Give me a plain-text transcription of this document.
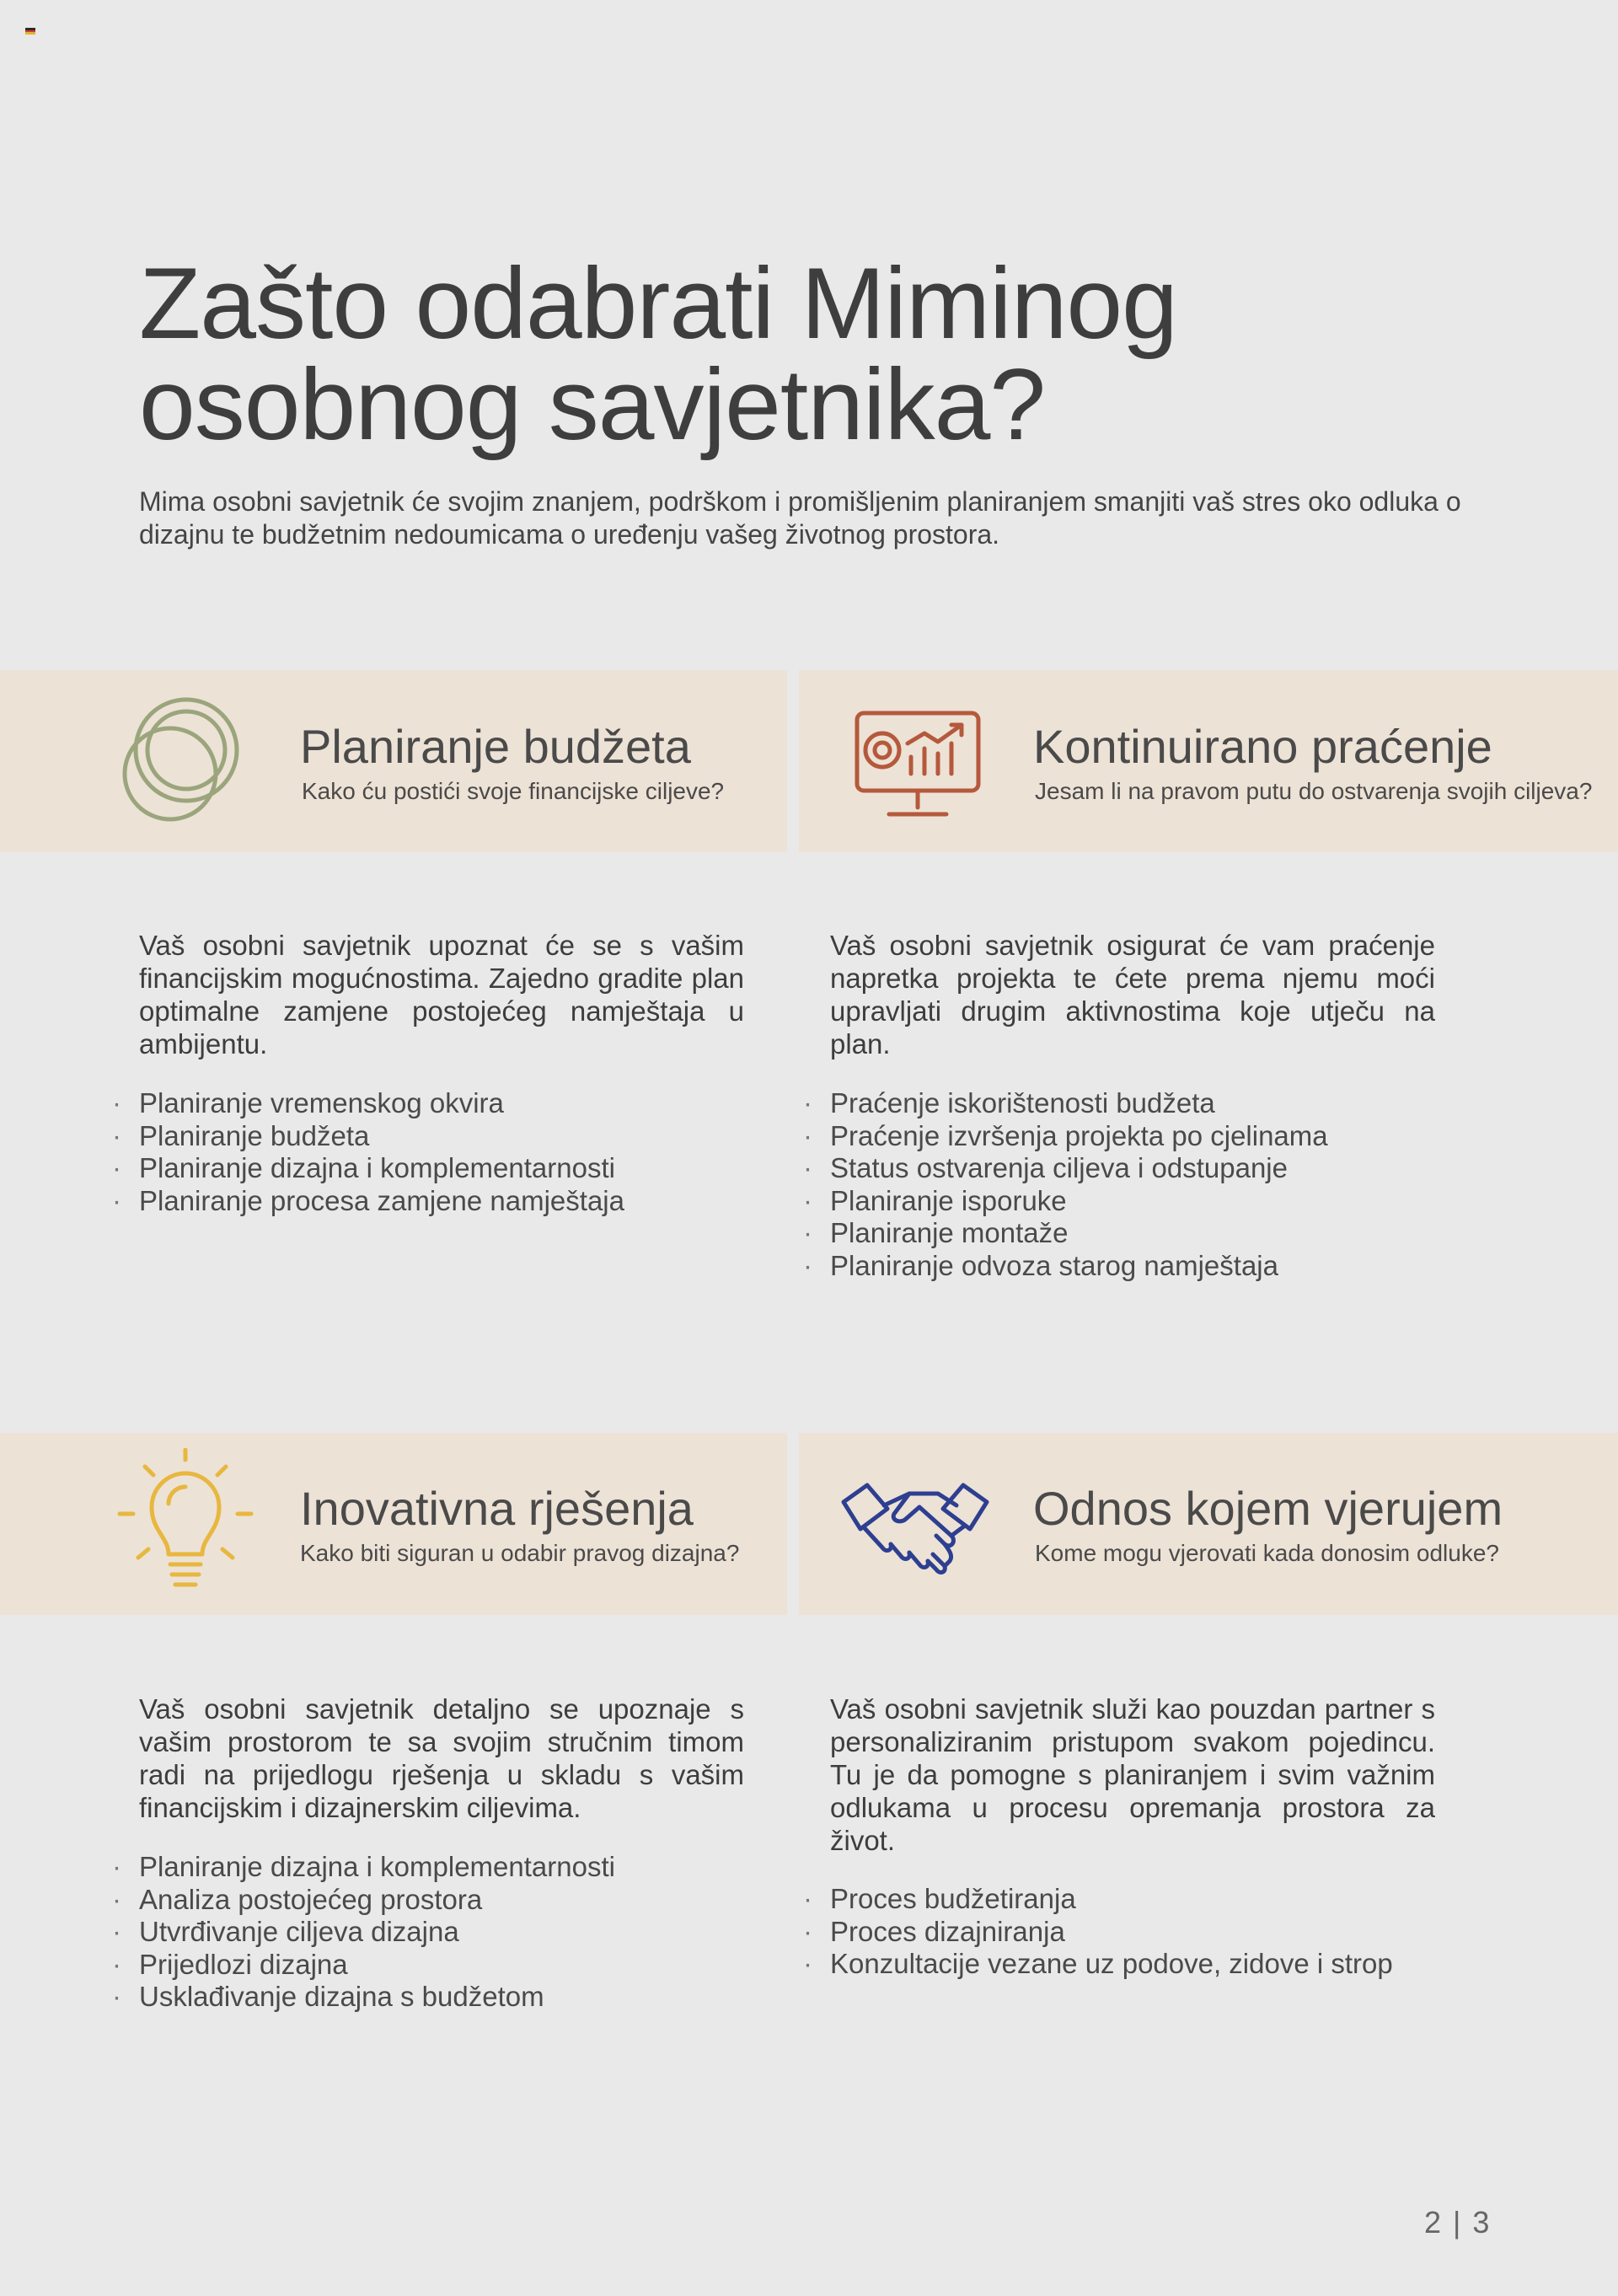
Zašto odabrati Miminog
osobnog savjetnika?

Mima osobni savjetnik će svojim znanjem, podrškom i promišljenim planiranjem smanjiti vaš stres oko odluka o dizajnu te budžetnim nedoumicama o uređenju vašeg životnog prostora.

Planiranje budžeta

Kako ću postići svoje financijske ciljeve?

Kontinuirano praćenje

Jesam li na pravom putu do ostvarenja svojih ciljeva?

Vaš osobni savjetnik upoznat će se s vašim financijskim mogućnostima. Zajedno gradite plan optimalne zamjene postojećeg namještaja u ambijentu.

· Planiranje vremenskog okvira
· Planiranje budžeta
· Planiranje dizajna i komplementarnosti
· Planiranje procesa zamjene namještaja

Vaš osobni savjetnik osigurat će vam praćenje napretka projekta te ćete prema njemu moći upravljati drugim aktivnostima koje utječu na plan.

· Praćenje iskorištenosti budžeta
· Praćenje izvršenja projekta po cjelinama
· Status ostvarenja ciljeva i odstupanje
· Planiranje isporuke
· Planiranje montaže
· Planiranje odvoza starog namještaja
Inovativna rješenja

Kako biti siguran u odabir pravog dizajna?

Odnos kojem vjerujem

Kome mogu vjerovati kada donosim odluke?

Vaš osobni savjetnik detaljno se upoznaje s vašim prostorom te sa svojim stručnim timom radi na prijedlogu rješenja u skladu s vašim financijskim i dizajnerskim ciljevima.

· Planiranje dizajna i komplementarnosti
· Analiza postojećeg prostora
· Utvrđivanje ciljeva dizajna
· Prijedlozi dizajna
· Usklađivanje dizajna s budžetom

Vaš osobni savjetnik služi kao pouzdan partner s personaliziranim pristupom svakom pojedincu. Tu je da pomogne s planiranjem i svim važnim odlukama u procesu opremanja prostora za život.

· Proces budžetiranja
· Proces dizajniranja
· Konzultacije vezane uz podove, zidove i strop

2 | 3
